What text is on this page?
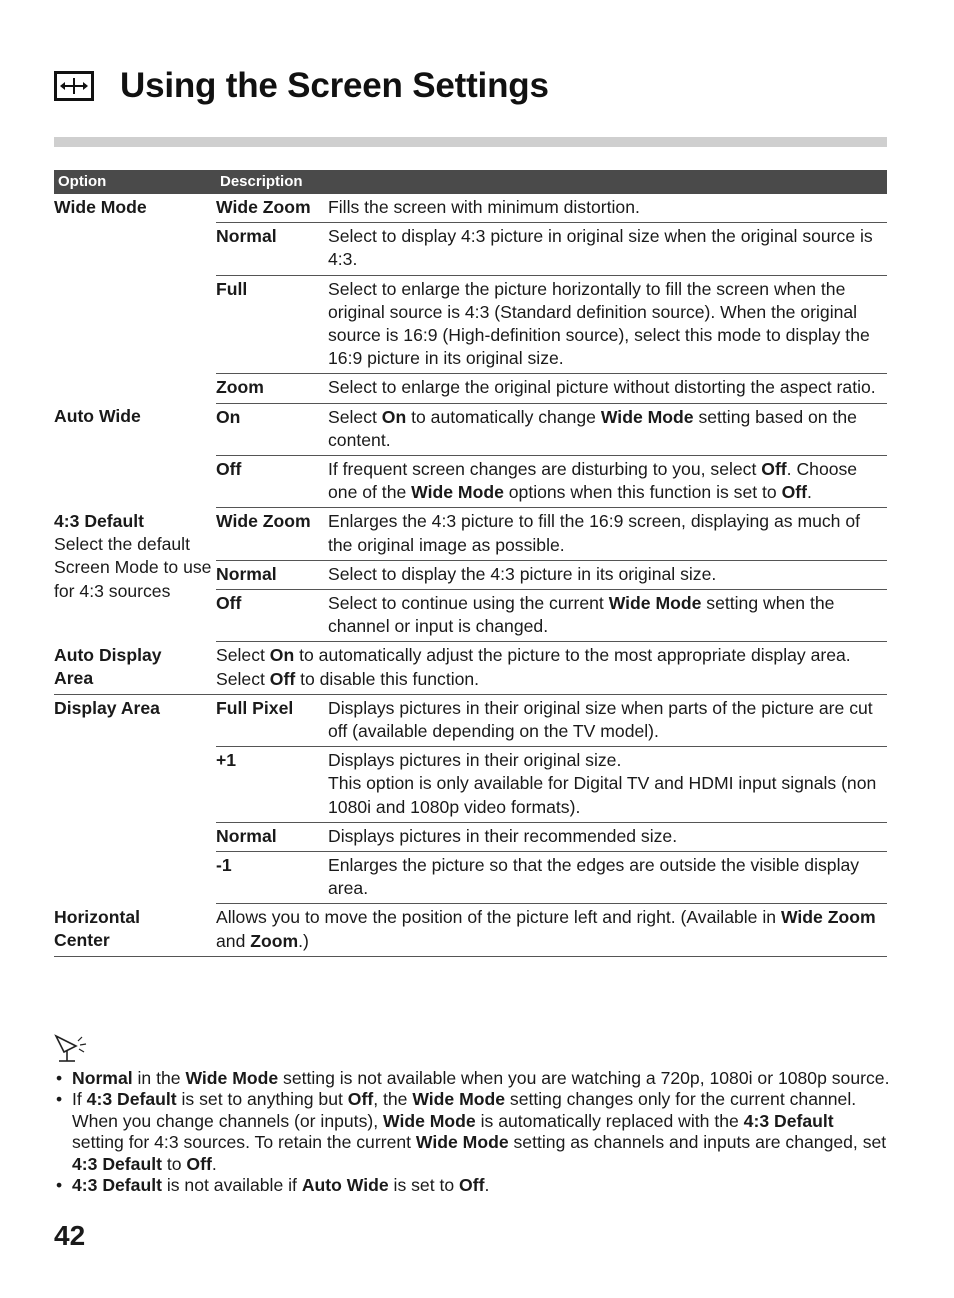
Using the Screen Settings
Option	Description	
Wide Mode	Wide Zoom	Fills the screen with minimum distortion.
	Normal	Select to display 4:3 picture in original size when the original source is 4:3.
	Full	Select to enlarge the picture horizontally to fill the screen when the original source is 4:3 (Standard definition source). When the original source is 16:9 (High-definition source), select this mode to display the 16:9 picture in its original size.
	Zoom	Select to enlarge the original picture without distorting the aspect ratio.
Auto Wide	On	Select On to automatically change Wide Mode setting based on the content.
	Off	If frequent screen changes are disturbing to you, select Off. Choose one of the Wide Mode options when this function is set to Off.
4:3 Default
Select the default Screen Mode to use for 4:3 sources	Wide Zoom	Enlarges the 4:3 picture to fill the 16:9 screen, displaying as much of the original image as possible.
	Normal	Select to display the 4:3 picture in its original size.
	Off	Select to continue using the current Wide Mode setting when the channel or input is changed.
Auto Display
Area	Select On to automatically adjust the picture to the most appropriate display area.
Select Off to disable this function.	
Display Area	Full Pixel	Displays pictures in their original size when parts of the picture are cut off (available depending on the TV model).
	+1	Displays pictures in their original size.
This option is only available for Digital TV and HDMI input signals (non 1080i and 1080p video formats).
	Normal	Displays pictures in their recommended size.
	-1	Enlarges the picture so that the edges are outside the visible display area.
Horizontal
Center	Allows you to move the position of the picture left and right. (Available in Wide Zoom and Zoom.)	
• Normal in the Wide Mode setting is not available when you are watching a 720p, 1080i or 1080p source.
• If 4:3 Default is set to anything but Off, the Wide Mode setting changes only for the current channel. When you change channels (or inputs), Wide Mode is automatically replaced with the 4:3 Default setting for 4:3 sources. To retain the current Wide Mode setting as channels and inputs are changed, set 4:3 Default to Off.
• 4:3 Default is not available if Auto Wide is set to Off.
42
